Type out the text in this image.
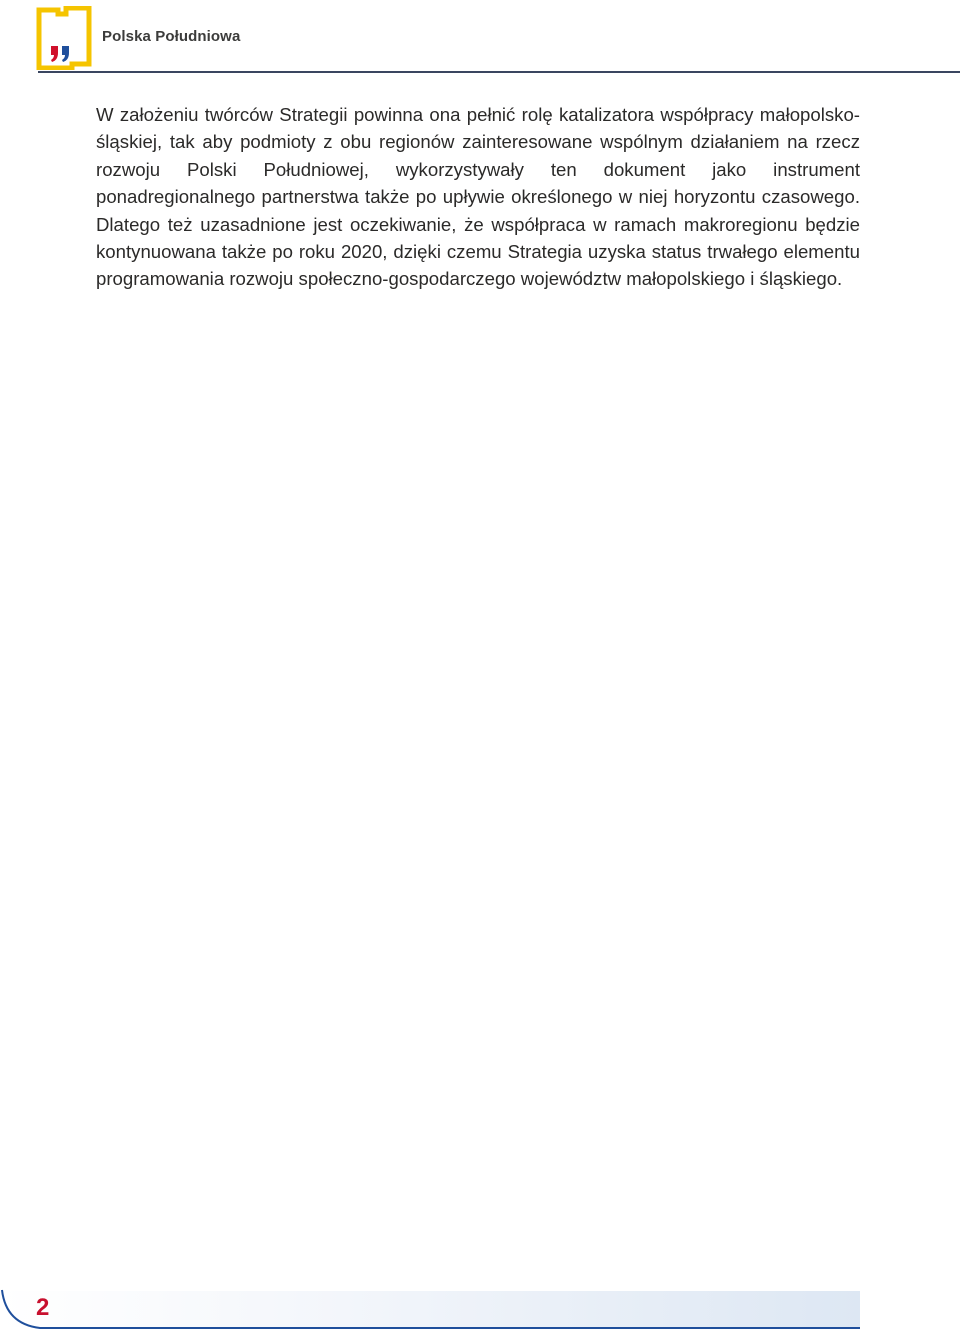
Polska Południowa

W założeniu twórców Strategii powinna ona pełnić rolę katalizatora współpracy małopolsko-śląskiej, tak aby podmioty z obu regionów zainteresowane wspólnym działaniem na rzecz rozwoju Polski Południowej, wykorzystywały ten dokument jako instrument ponadregionalnego partnerstwa także po upływie określonego w niej horyzontu czasowego. Dlatego też uzasadnione jest oczekiwanie, że współpraca w ramach makroregionu będzie kontynuowana także po roku 2020, dzięki czemu Strategia uzyska status trwałego elementu programowania rozwoju społeczno-gospodarczego województw małopolskiego i śląskiego.

2
